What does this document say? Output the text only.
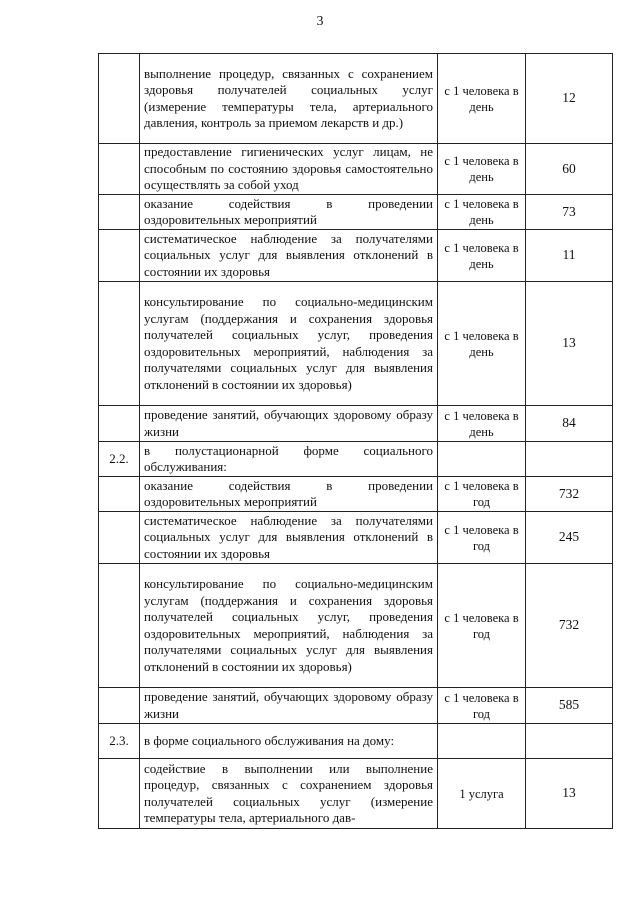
3
	выполнение процедур, связанных с сохранением здоровья получателей социальных услуг (измерение температуры тела, артериального давления, контроль за приемом лекарств и др.)	с 1 человека в день	12
	предоставление гигиенических услуг лицам, не способным по состоянию здоровья самостоятельно осуществлять за собой уход	с 1 человека в день	60
	оказание содействия в проведении оздоровительных мероприятий	с 1 человека в день	73
	систематическое наблюдение за получателями социальных услуг для выявления отклонений в состоянии их здоровья	с 1 человека в день	11
	консультирование по социально-медицинским услугам (поддержания и сохранения здоровья получателей социальных услуг, проведения оздоровительных мероприятий, наблюдения за получателями социальных услуг для выявления отклонений в состоянии их здоровья)	с 1 человека в день	13
	проведение занятий, обучающих здоровому образу жизни	с 1 человека в день	84
2.2.	в полустационарной форме социального обслуживания:		
	оказание содействия в проведении оздоровительных мероприятий	с 1 человека в год	732
	систематическое наблюдение за получателями социальных услуг для выявления отклонений в состоянии их здоровья	с 1 человека в год	245
	консультирование по социально-медицинским услугам (поддержания и сохранения здоровья получателей социальных услуг, проведения оздоровительных мероприятий, наблюдения за получателями социальных услуг для выявления отклонений в состоянии их здоровья)	с 1 человека в год	732
	проведение занятий, обучающих здоровому образу жизни	с 1 человека в год	585
2.3.	в форме социального обслуживания на дому:		
	содействие в выполнении или выполнение процедур, связанных с сохранением здоровья получателей социальных услуг (измерение температуры тела, артериального дав-	1 услуга	13
